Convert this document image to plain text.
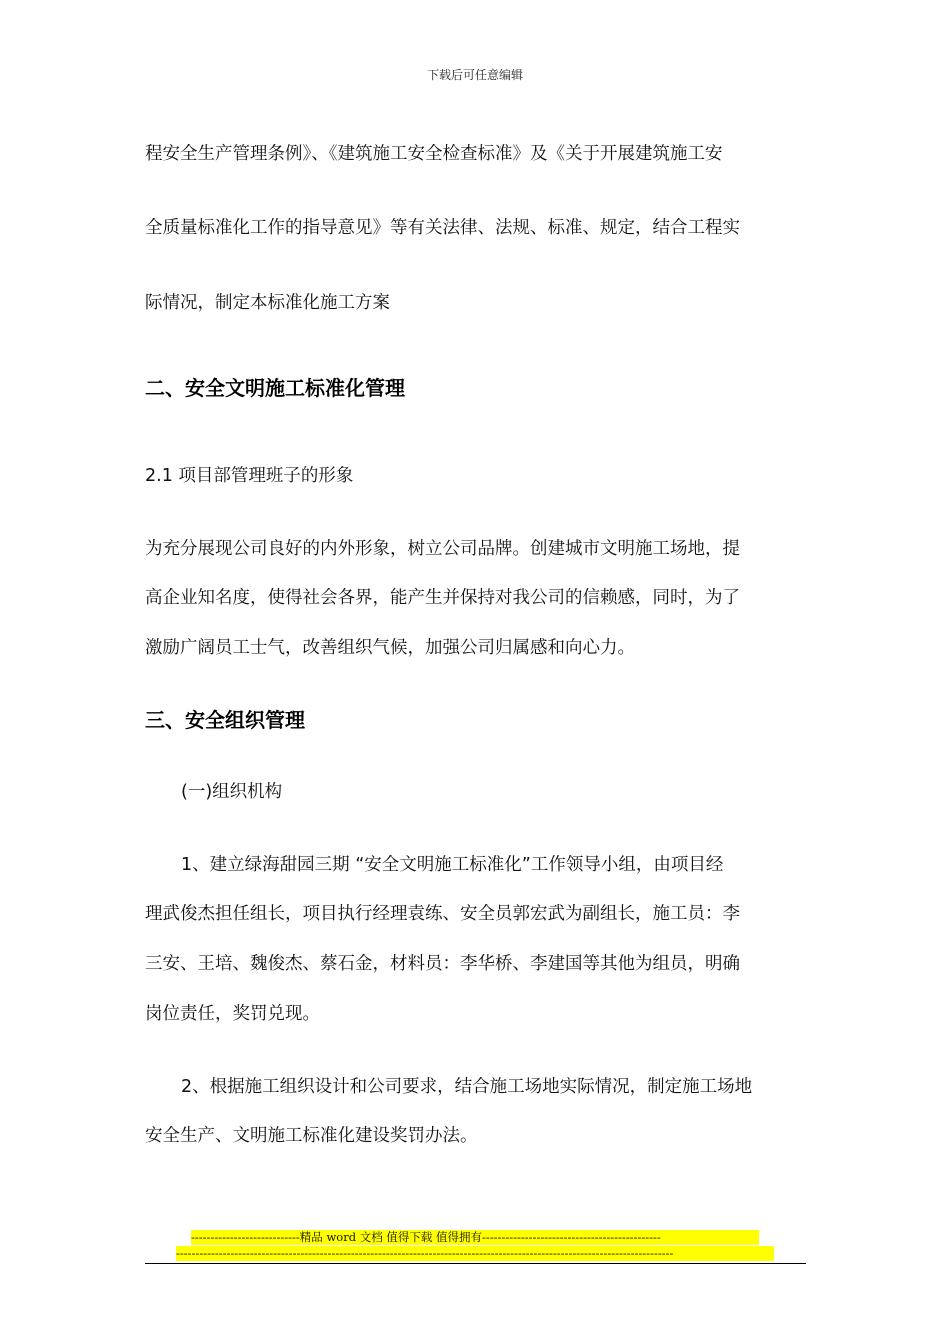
下载后可任意编辑
程安全生产管理条例》、《建筑施工安全检查标准》及《关于开展建筑施工安
全质量标准化工作的指导意见》等有关法律、法规、标准、规定，结合工程实
际情况，制定本标准化施工方案
二、安全文明施工标准化管理
2.1 项目部管理班子的形象
为充分展现公司良好的内外形象，树立公司品牌。创建城市文明施工场地，提
高企业知名度，使得社会各界，能产生并保持对我公司的信赖感，同时，为了
激励广阔员工士气，改善组织气候，加强公司归属感和向心力。
三、安全组织管理
(一)组织机构
1、建立绿海甜园三期 “安全文明施工标准化”工作领导小组，由项目经
理武俊杰担任组长，项目执行经理袁练、安全员郭宏武为副组长，施工员：李
三安、王培、魏俊杰、蔡石金，材料员：李华桥、李建国等其他为组员，明确
岗位责任，奖罚兑现。
2、根据施工组织设计和公司要求，结合施工场地实际情况，制定施工场地
安全生产、文明施工标准化建设奖罚办法。
----------------------------精品 word 文档 值得下载 值得拥有----------------------------------------------
--------------------------------------------------------------------------------------------------------------------------------
